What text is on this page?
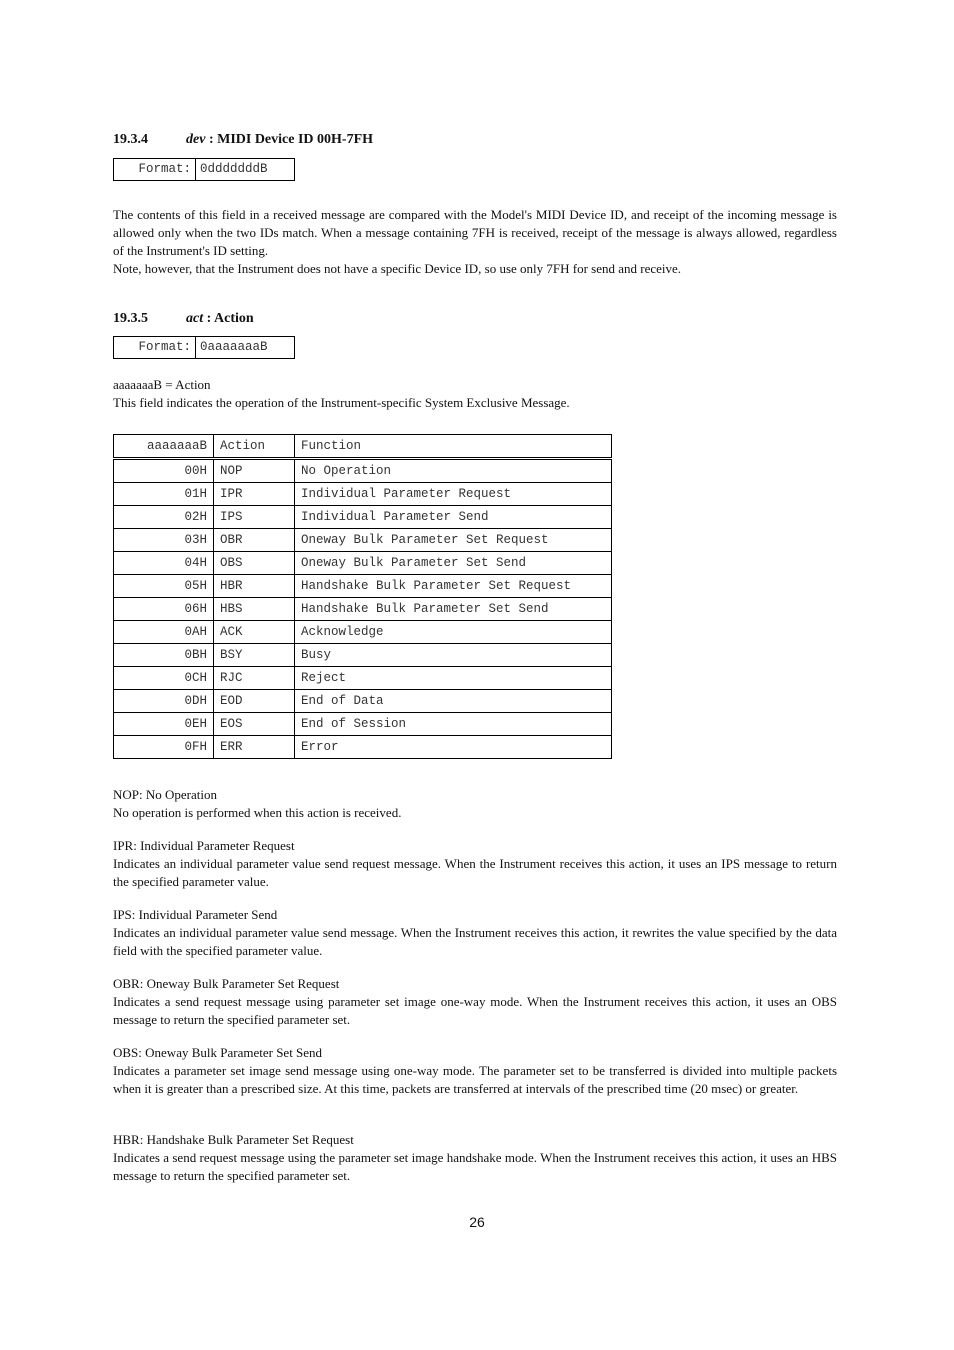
19.3.4	dev : MIDI Device ID 00H-7FH
Format:	0dddddddB

The contents of this field in a received message are compared with the Model's MIDI Device ID, and receipt of the incoming message is allowed only when the two IDs match. When a message containing 7FH is received, receipt of the message is always allowed, regardless of the Instrument's ID setting.

Note, however, that the Instrument does not have a specific Device ID, so use only 7FH for send and receive.

19.3.5	act : Action
Format:	0aaaaaaaB
aaaaaaaB = Action
This field indicates the operation of the Instrument-specific System Exclusive Message.
aaaaaaaB	Action	Function
00H	NOP	No Operation
01H	IPR	Individual Parameter Request
02H	IPS	Individual Parameter Send
03H	OBR	Oneway Bulk Parameter Set Request
04H	OBS	Oneway Bulk Parameter Set Send
05H	HBR	Handshake Bulk Parameter Set Request
06H	HBS	Handshake Bulk Parameter Set Send
0AH	ACK	Acknowledge
0BH	BSY	Busy
0CH	RJC	Reject
0DH	EOD	End of Data
0EH	EOS	End of Session
0FH	ERR	Error
NOP: No Operation
No operation is performed when this action is received.
IPR: Individual Parameter Request
Indicates an individual parameter value send request message. When the Instrument receives this action, it uses an IPS message to return the specified parameter value.
IPS: Individual Parameter Send
Indicates an individual parameter value send message. When the Instrument receives this action, it rewrites the value specified by the data field with the specified parameter value.
OBR: Oneway Bulk Parameter Set Request
Indicates a send request message using parameter set image one-way mode. When the Instrument receives this action, it uses an OBS message to return the specified parameter set.
OBS: Oneway Bulk Parameter Set Send
Indicates a parameter set image send message using one-way mode. The parameter set to be transferred is divided into multiple packets when it is greater than a prescribed size. At this time, packets are transferred at intervals of the prescribed time (20 msec) or greater.
HBR: Handshake Bulk Parameter Set Request
Indicates a send request message using the parameter set image handshake mode. When the Instrument receives this action, it uses an HBS message to return the specified parameter set.
26
